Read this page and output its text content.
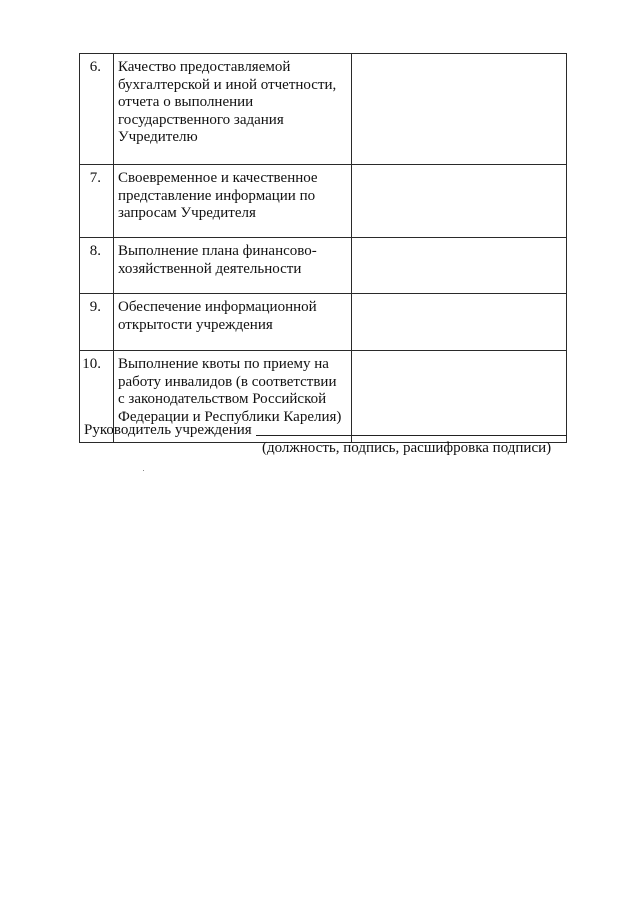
6.	Качество предоставляемой бухгалтерской и иной отчетности, отчета о выполнении государственного задания Учредителю	
7.	Своевременное и качественное представление информации по запросам Учредителя	
8.	Выполнение плана финансово-хозяйственной деятельности	
9.	Обеспечение информационной открытости учреждения	
10.	Выполнение квоты по приему на работу инвалидов (в соответствии с законодательством Российской Федерации и Республики Карелия)	
Руководитель учреждения
(должность, подпись, расшифровка подписи)
